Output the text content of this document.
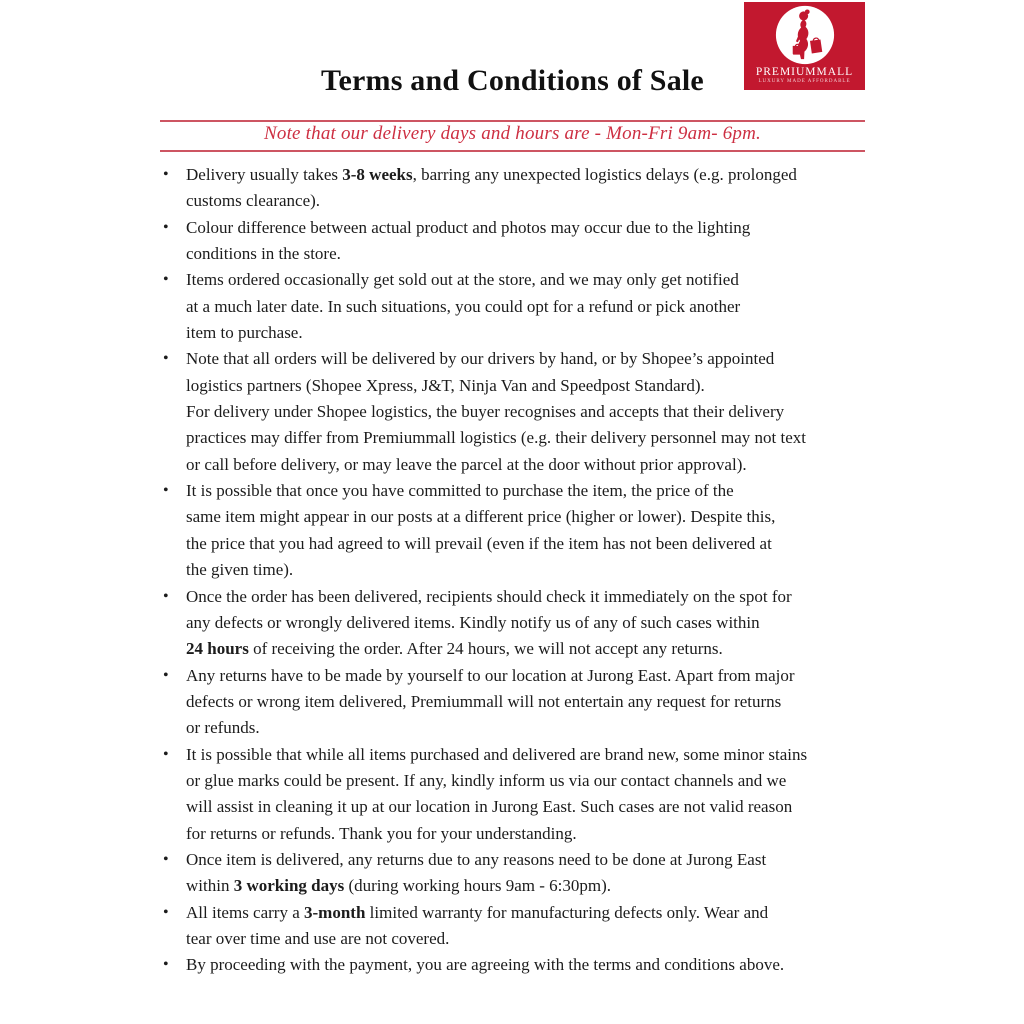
PREMIUMMALL
LUXURY MADE AFFORDABLE
Terms and Conditions of Sale
Note that our delivery days and hours are - Mon-Fri 9am- 6pm.
•	Delivery usually takes 3-8 weeks, barring any unexpected logistics delays (e.g. prolonged
customs clearance).
•	Colour difference between actual product and photos may occur due to the lighting
conditions in the store.
•	Items ordered occasionally get sold out at the store, and we may only get notified
at a much later date. In such situations, you could opt for a refund or pick another
item to purchase.
•	Note that all orders will be delivered by our drivers by hand, or by Shopee’s appointed
logistics partners (Shopee Xpress, J&T, Ninja Van and Speedpost Standard).
For delivery under Shopee logistics, the buyer recognises and accepts that their delivery
practices may differ from Premiummall logistics (e.g. their delivery personnel may not text
or call before delivery, or may leave the parcel at the door without prior approval).
•	It is possible that once you have committed to purchase the item, the price of the
same item might appear in our posts at a different price (higher or lower). Despite this,
the price that you had agreed to will prevail (even if the item has not been delivered at
the given time).
•	Once the order has been delivered, recipients should check it immediately on the spot for
any defects or wrongly delivered items. Kindly notify us of any of such cases within
24 hours of receiving the order. After 24 hours, we will not accept any returns.
•	Any returns have to be made by yourself to our location at Jurong East. Apart from major
defects or wrong item delivered, Premiummall will not entertain any request for returns
or refunds.
•	It is possible that while all items purchased and delivered are brand new, some minor stains
or glue marks could be present. If any, kindly inform us via our contact channels and we
will assist in cleaning it up at our location in Jurong East. Such cases are not valid reason
for returns or refunds. Thank you for your understanding.
•	Once item is delivered, any returns due to any reasons need to be done at Jurong East
within 3 working days (during working hours 9am - 6:30pm).
•	All items carry a 3-month limited warranty for manufacturing defects only. Wear and
tear over time and use are not covered.
•	By proceeding with the payment, you are agreeing with the terms and conditions above.
